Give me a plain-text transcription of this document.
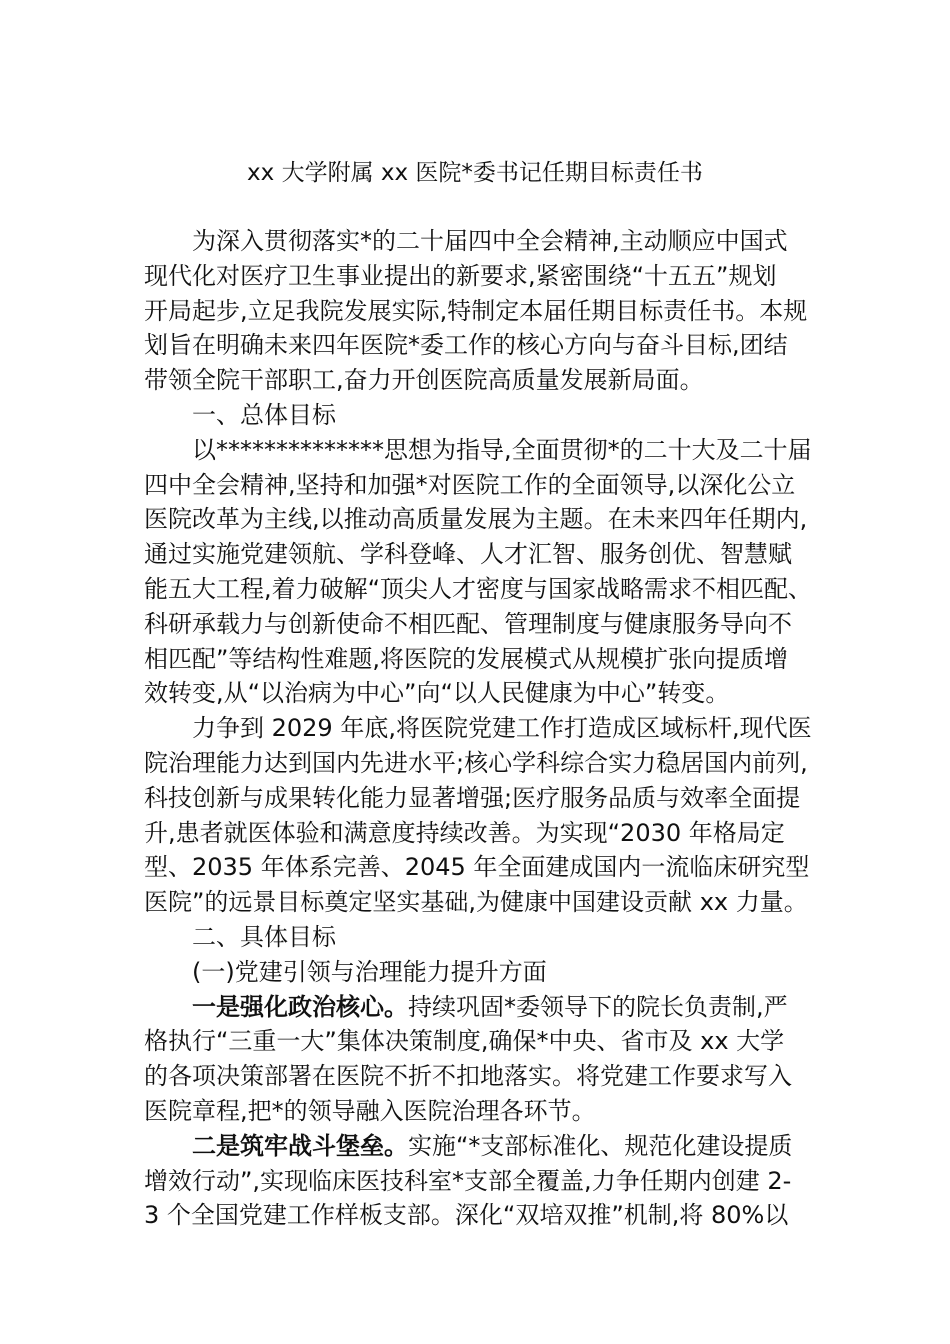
xx 大学附属 xx 医院*委书记任期目标责任书
为深入贯彻落实*的二十届四中全会精神,主动顺应中国式
现代化对医疗卫生事业提出的新要求,紧密围绕“十五五”规划
开局起步,立足我院发展实际,特制定本届任期目标责任书。本规
划旨在明确未来四年医院*委工作的核心方向与奋斗目标,团结
带领全院干部职工,奋力开创医院高质量发展新局面。
一、总体目标
以**************思想为指导,全面贯彻*的二十大及二十届
四中全会精神,坚持和加强*对医院工作的全面领导,以深化公立
医院改革为主线,以推动高质量发展为主题。在未来四年任期内,
通过实施党建领航、学科登峰、人才汇智、服务创优、智慧赋
能五大工程,着力破解“顶尖人才密度与国家战略需求不相匹配、
科研承载力与创新使命不相匹配、管理制度与健康服务导向不
相匹配”等结构性难题,将医院的发展模式从规模扩张向提质增
效转变,从“以治病为中心”向“以人民健康为中心”转变。
力争到 2029 年底,将医院党建工作打造成区域标杆,现代医
院治理能力达到国内先进水平;核心学科综合实力稳居国内前列,
科技创新与成果转化能力显著增强;医疗服务品质与效率全面提
升,患者就医体验和满意度持续改善。为实现“2030 年格局定
型、2035 年体系完善、2045 年全面建成国内一流临床研究型
医院”的远景目标奠定坚实基础,为健康中国建设贡献 xx 力量。
二、具体目标
(一)党建引领与治理能力提升方面
一是强化政治核心。持续巩固*委领导下的院长负责制,严
格执行“三重一大”集体决策制度,确保*中央、省市及 xx 大学
的各项决策部署在医院不折不扣地落实。将党建工作要求写入
医院章程,把*的领导融入医院治理各环节。
二是筑牢战斗堡垒。实施“*支部标准化、规范化建设提质
增效行动”,实现临床医技科室*支部全覆盖,力争任期内创建 2-
3 个全国党建工作样板支部。深化“双培双推”机制,将 80%以
